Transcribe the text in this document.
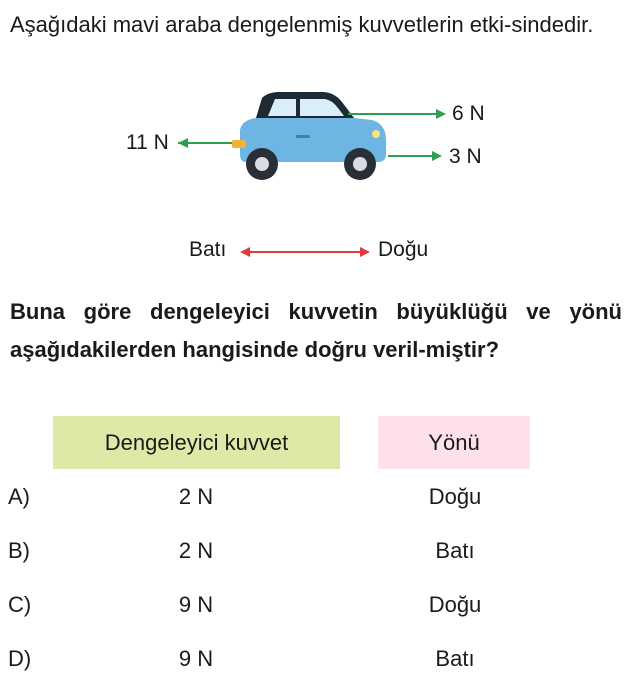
Aşağıdaki mavi araba dengelenmiş kuvvetlerin etki-sindedir.

11 N
6 N
3 N
Batı	Doğu

Buna göre dengeleyici kuvvetin büyüklüğü ve yönü aşağıdakilerden hangisinde doğru veril-miştir?

Dengeleyici kuvvet	Yönü
A)	2 N	Doğu
B)	2 N	Batı
C)	9 N	Doğu
D)	9 N	Batı
